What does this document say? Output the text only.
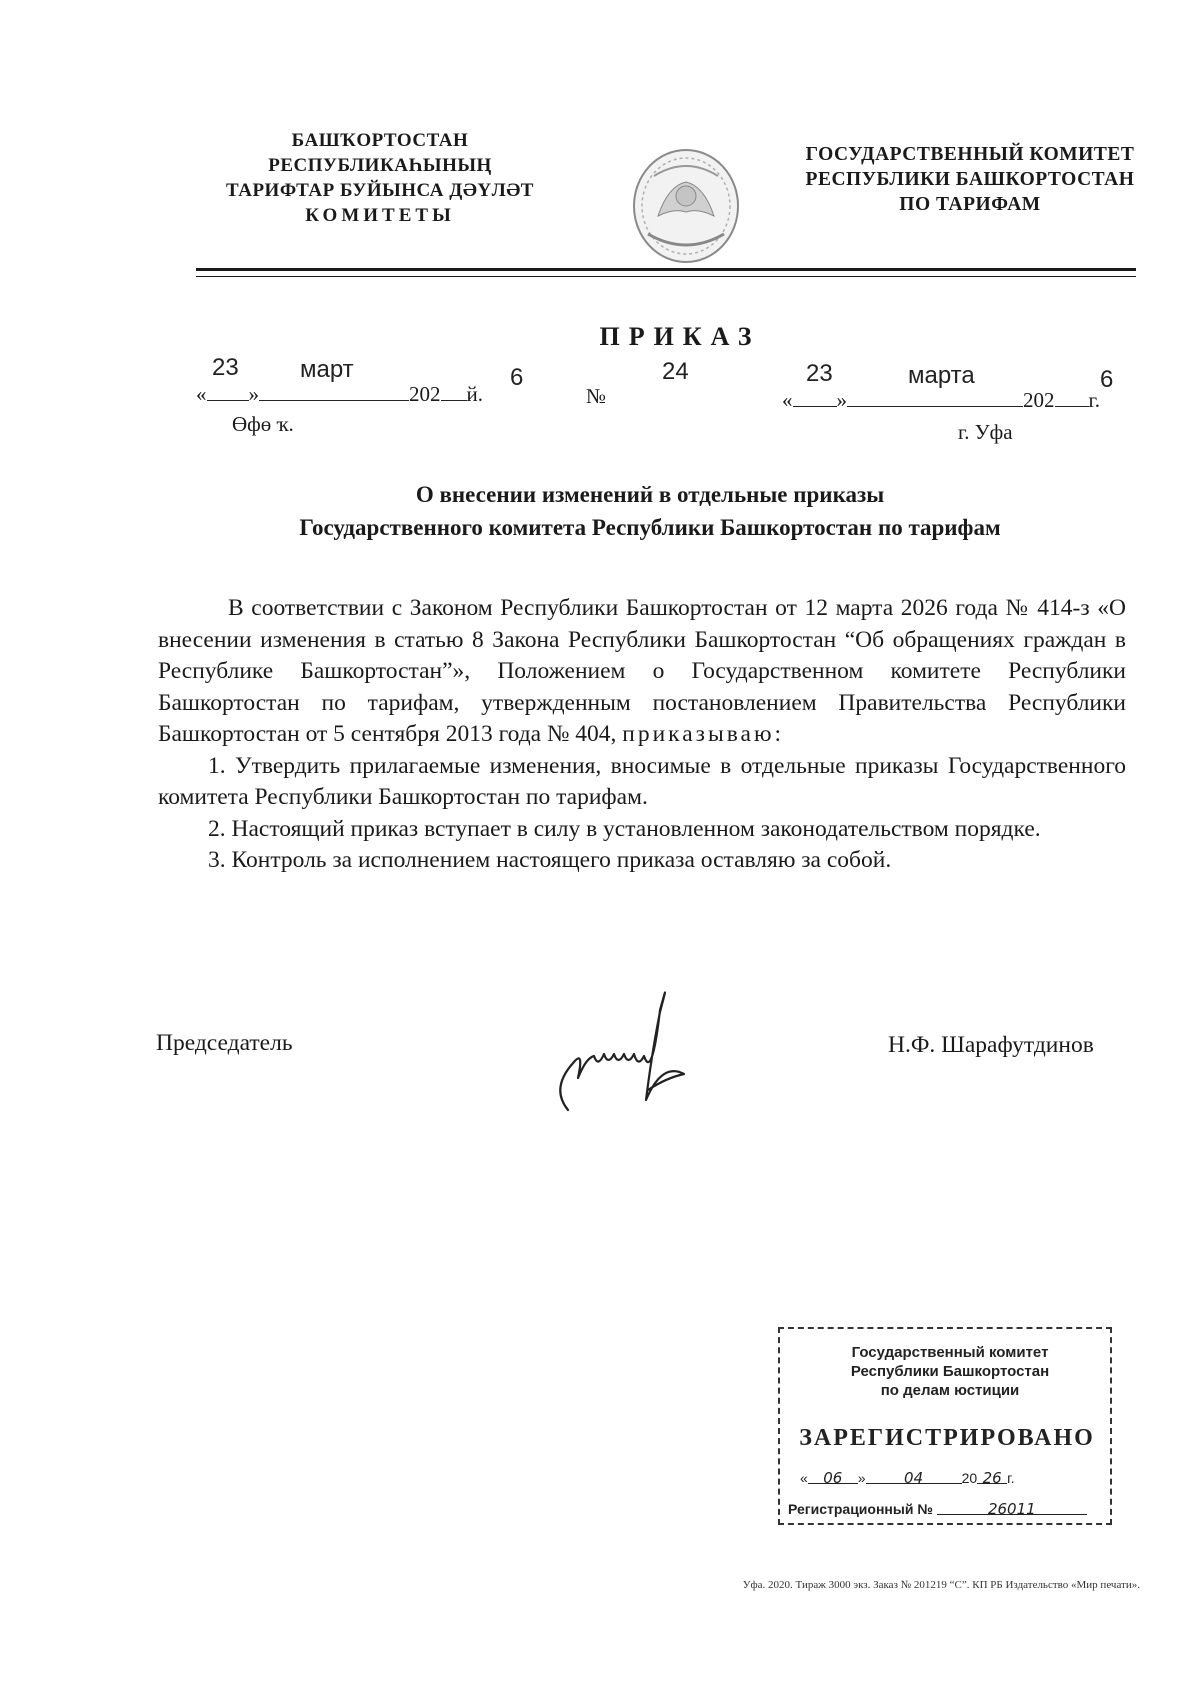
БАШҠОРТОСТАН РЕСПУБЛИКАҺЫНЫҢ
ТАРИФТАР БУЙЫНСА ДӘҮЛӘТ
КОМИТЕТЫ
ГОСУДАРСТВЕННЫЙ КОМИТЕТ
РЕСПУБЛИКИ БАШКОРТОСТАН
ПО ТАРИФАМ
ПРИКАЗ
23	март	6
« »	202 й.
Өфө ҡ.
№
24	23	марта	6
« »	202 г.
г. Уфа
О внесении изменений в отдельные приказы
Государственного комитета Республики Башкортостан по тарифам

В соответствии с Законом Республики Башкортостан от 12 марта 2026 года № 414-з «О внесении изменения в статью 8 Закона Республики Башкортостан “Об обращениях граждан в Республике Башкортостан”», Положением о Государственном комитете Республики Башкортостан по тарифам, утвержденным постановлением Правительства Республики Башкортостан от 5 сентября 2013 года № 404, приказываю:

1. Утвердить прилагаемые изменения, вносимые в отдельные приказы Государственного комитета Республики Башкортостан по тарифам.

2. Настоящий приказ вступает в силу в установленном законодательством порядке.

3. Контроль за исполнением настоящего приказа оставляю за собой.

Председатель	Н.Ф. Шарафутдинов
Государственный комитет
Республики Башкортостан
по делам юстиции
ЗАРЕГИСТРИРОВАНО
« 06 »	04	20 26 г.
Регистрационный №	26011
Уфа. 2020. Тираж 3000 экз. Заказ № 201219 “С”. КП РБ Издательство «Мир печати».
